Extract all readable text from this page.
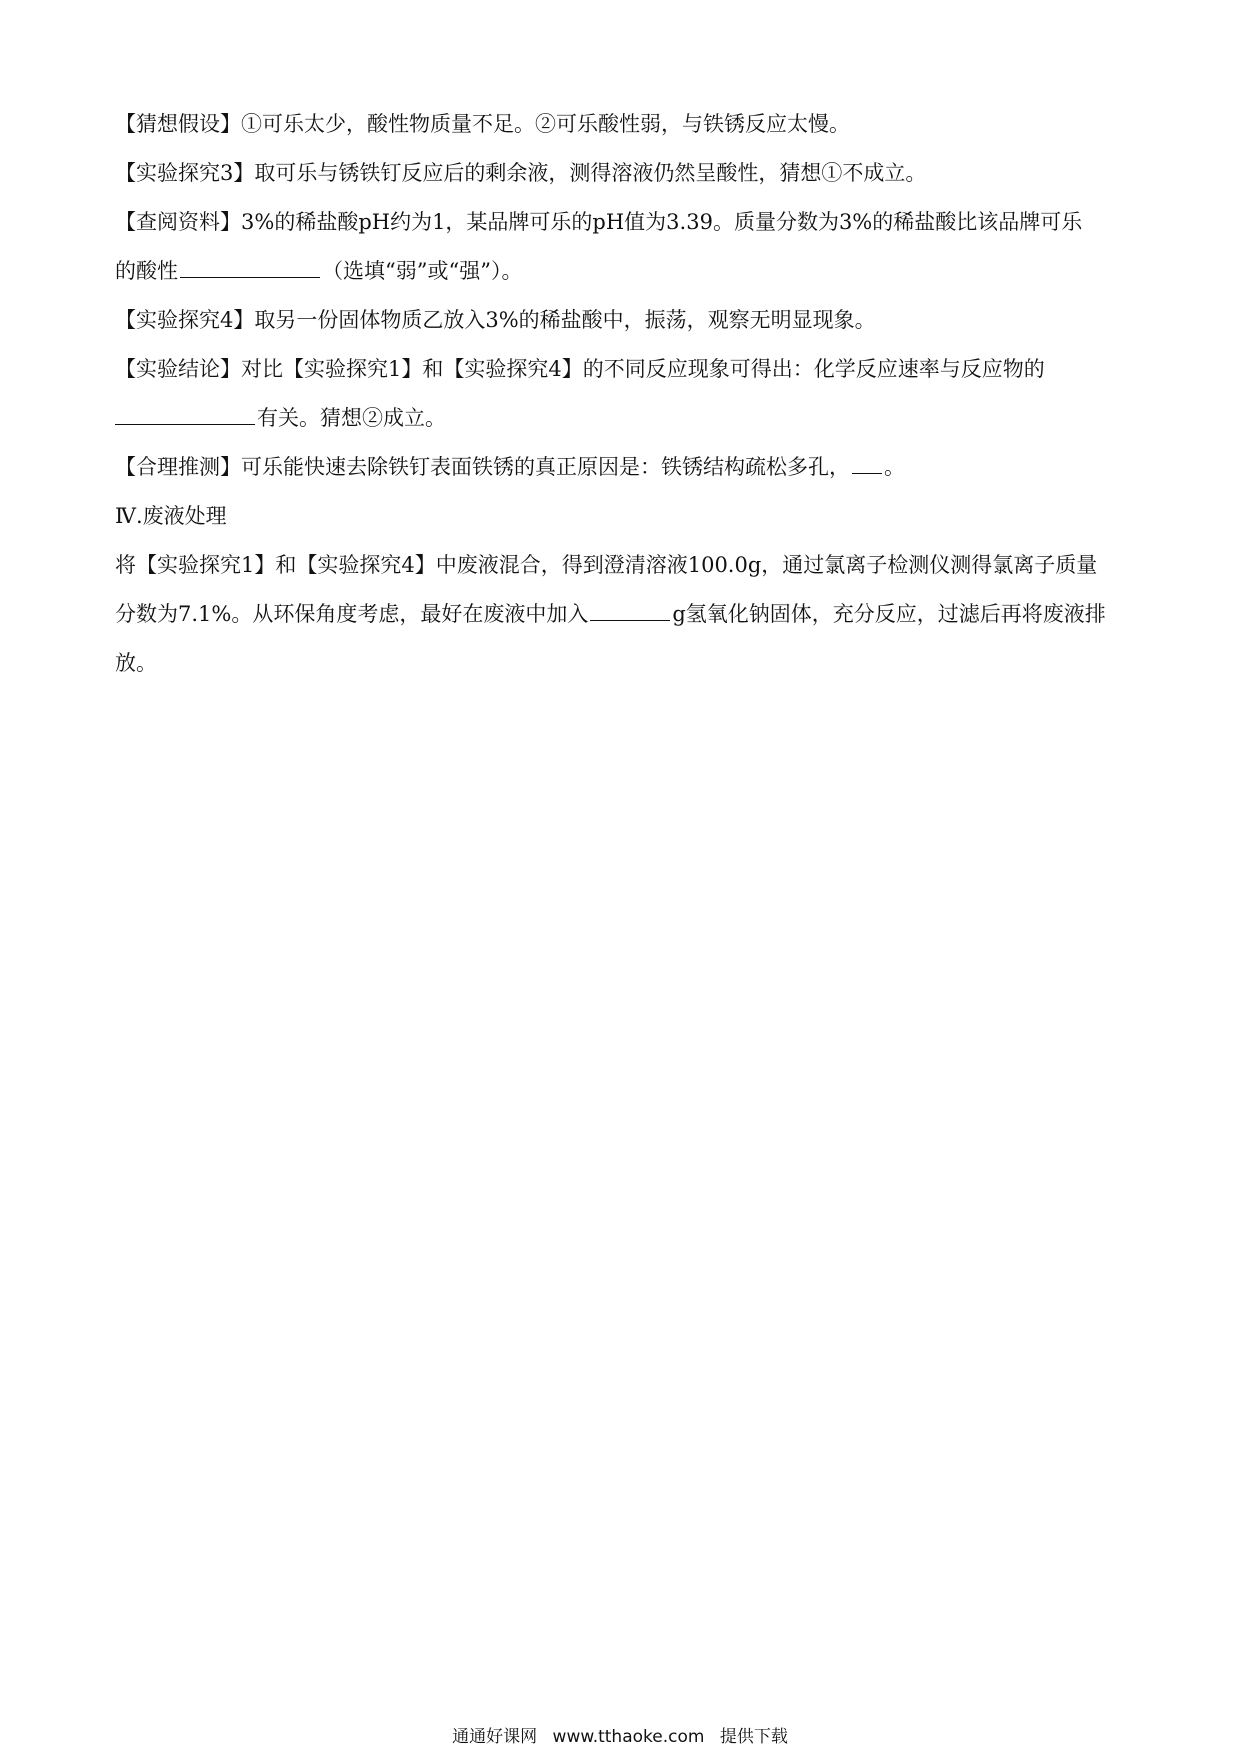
【猜想假设】①可乐太少，酸性物质量不足。②可乐酸性弱，与铁锈反应太慢。
【实验探究3】取可乐与锈铁钉反应后的剩余液，测得溶液仍然呈酸性，猜想①不成立。
【查阅资料】3%的稀盐酸pH约为1，某品牌可乐的pH值为3.39。质量分数为3%的稀盐酸比该品牌可乐
的酸性	（选填“弱”或“强”）。
【实验探究4】取另一份固体物质乙放入3%的稀盐酸中，振荡，观察无明显现象。
【实验结论】对比【实验探究1】和【实验探究4】的不同反应现象可得出：化学反应速率与反应物的
有关。猜想②成立。
【合理推测】可乐能快速去除铁钉表面铁锈的真正原因是：铁锈结构疏松多孔， 。
Ⅳ.废液处理
将【实验探究1】和【实验探究4】中废液混合，得到澄清溶液100.0g，通过氯离子检测仪测得氯离子质量
分数为7.1%。从环保角度考虑，最好在废液中加入	g氢氧化钠固体，充分反应，过滤后再将废液排
放。
通通好课网 www.tthaoke.com 提供下载
